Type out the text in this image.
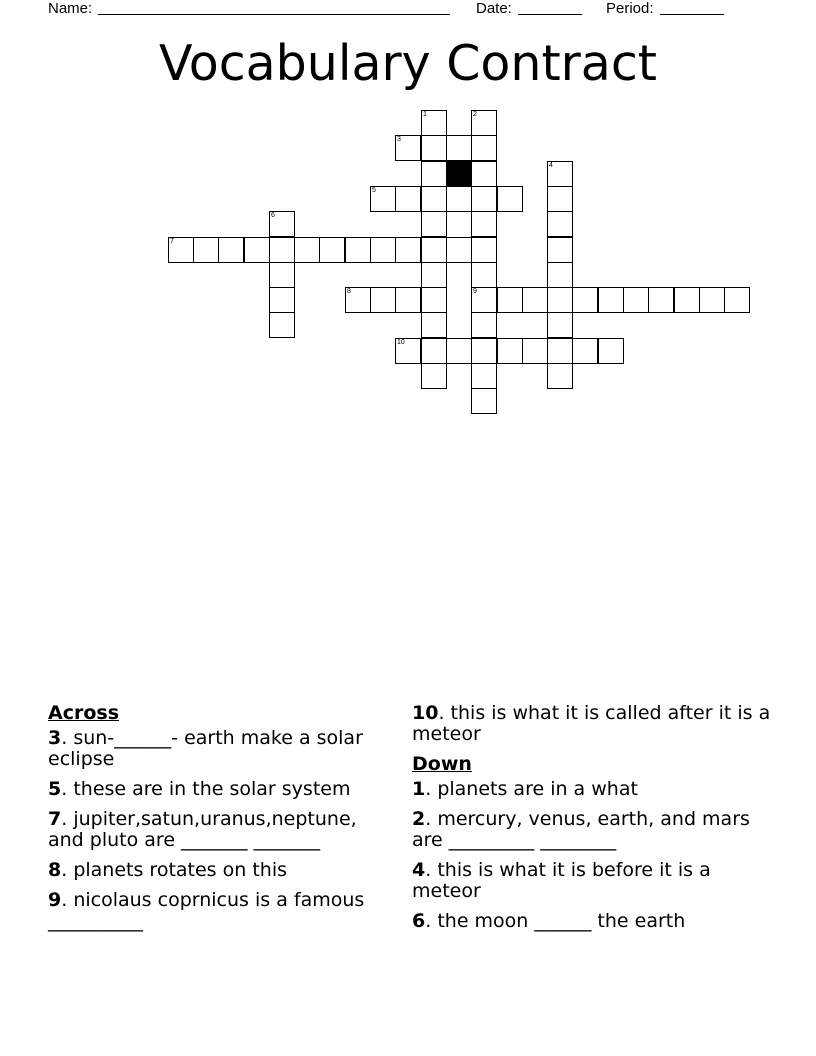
Name:	Date:	Period:
Vocabulary Contract
1	2
9
3
4
5
6
7
8
10
Across
3. sun-______- earth make a solar eclipse
5. these are in the solar system
7. jupiter,satun,uranus,neptune, and pluto are _______ _______
8. planets rotates on this
9. nicolaus coprnicus is a famous __________
10. this is what it is called after it is a meteor
Down
1. planets are in a what
2. mercury, venus, earth, and mars are _________ ________
4. this is what it is before it is a meteor
6. the moon ______ the earth
